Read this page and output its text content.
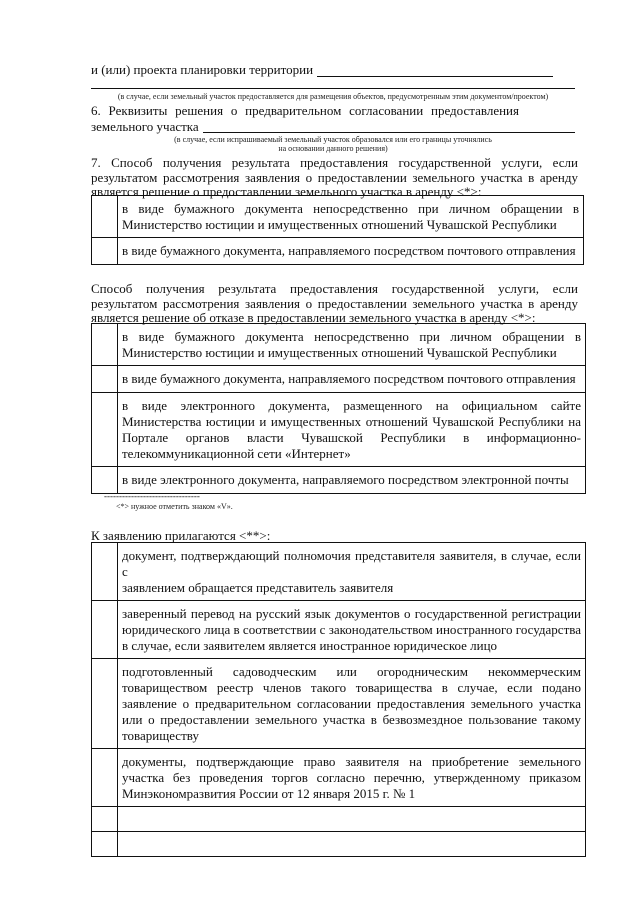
и (или) проекта планировки территории
(в случае, если земельный участок предоставляется для размещения объектов, предусмотренным этим документом/проектом)
6. Реквизиты решения о предварительном согласовании предоставления
земельного участка
(в случае, если испрашиваемый земельный участок образовался или его границы уточнялись
на основании данного решения)
7. Способ получения результата предоставления государственной услуги, если
результатом рассмотрения заявления о предоставлении земельного участка в аренду
является решение о предоставлении земельного участка в аренду <*>:

	в виде бумажного документа непосредственно при личном обращении в
Министерство юстиции и имущественных отношений Чувашской Республики

	в виде бумажного документа, направляемого посредством почтового отправления
Способ получения результата предоставления государственной услуги, если
результатом рассмотрения заявления о предоставлении земельного участка в аренду
является решение об отказе в предоставлении земельного участка в аренду <*>:

	в виде бумажного документа непосредственно при личном обращении в
Министерство юстиции и имущественных отношений Чувашской Республики

	в виде бумажного документа, направляемого посредством почтового отправления

	в виде электронного документа, размещенного на официальном сайте
Министерства юстиции и имущественных отношений Чувашской Республики на
Портале органов власти Чувашской Республики в информационно-
телекоммуникационной сети «Интернет»

	в виде электронного документа, направляемого посредством электронной почты
--------------------------------
<*> нужное отметить знаком «V».
К заявлению прилагаются <**>:

	документ, подтверждающий полномочия представителя заявителя, в случае, если с
заявлением обращается представитель заявителя

	заверенный перевод на русский язык документов о государственной регистрации
юридического лица в соответствии с законодательством иностранного государства
в случае, если заявителем является иностранное юридическое лицо

	подготовленный садоводческим или огородническим некоммерческим
товариществом реестр членов такого товарищества в случае, если подано
заявление о предварительном согласовании предоставления земельного участка
или о предоставлении земельного участка в безвозмездное пользование такому
товариществу

	документы, подтверждающие право заявителя на приобретение земельного
участка без проведения торгов согласно перечню, утвержденному приказом
Минэкономразвития России от 12 января 2015 г. № 1
